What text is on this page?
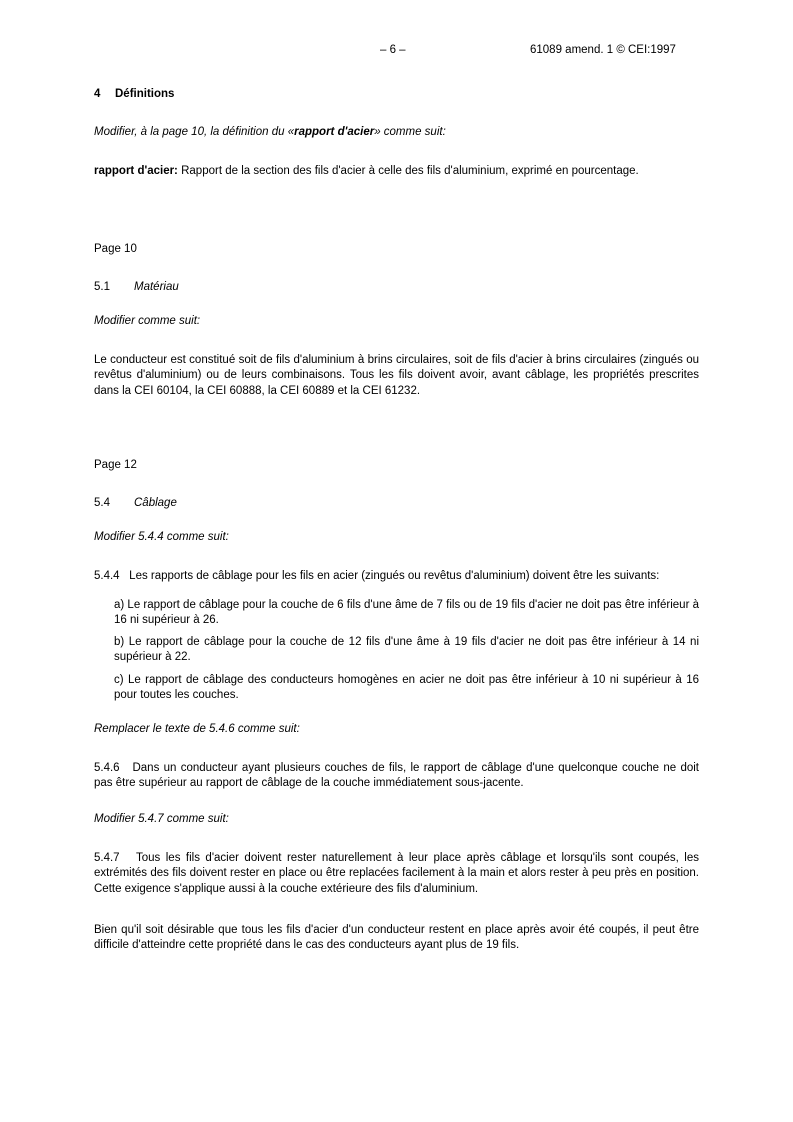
– 6 –	61089 amend. 1 © CEI:1997

4 Définitions

Modifier, à la page 10, la définition du «rapport d'acier» comme suit:

rapport d'acier: Rapport de la section des fils d'acier à celle des fils d'aluminium, exprimé en pourcentage.

Page 10

5.1 Matériau

Modifier comme suit:

Le conducteur est constitué soit de fils d'aluminium à brins circulaires, soit de fils d'acier à brins circulaires (zingués ou revêtus d'aluminium) ou de leurs combinaisons. Tous les fils doivent avoir, avant câblage, les propriétés prescrites dans la CEI 60104, la CEI 60888, la CEI 60889 et la CEI 61232.

Page 12

5.4 Câblage

Modifier 5.4.4 comme suit:

5.4.4 Les rapports de câblage pour les fils en acier (zingués ou revêtus d'aluminium) doivent être les suivants:

a) Le rapport de câblage pour la couche de 6 fils d'une âme de 7 fils ou de 19 fils d'acier ne doit pas être inférieur à 16 ni supérieur à 26.

b) Le rapport de câblage pour la couche de 12 fils d'une âme à 19 fils d'acier ne doit pas être inférieur à 14 ni supérieur à 22.

c) Le rapport de câblage des conducteurs homogènes en acier ne doit pas être inférieur à 10 ni supérieur à 16 pour toutes les couches.

Remplacer le texte de 5.4.6 comme suit:

5.4.6 Dans un conducteur ayant plusieurs couches de fils, le rapport de câblage d'une quelconque couche ne doit pas être supérieur au rapport de câblage de la couche immédiatement sous-jacente.

Modifier 5.4.7 comme suit:

5.4.7 Tous les fils d'acier doivent rester naturellement à leur place après câblage et lorsqu'ils sont coupés, les extrémités des fils doivent rester en place ou être replacées facilement à la main et alors rester à peu près en position. Cette exigence s'applique aussi à la couche extérieure des fils d'aluminium.

Bien qu'il soit désirable que tous les fils d'acier d'un conducteur restent en place après avoir été coupés, il peut être difficile d'atteindre cette propriété dans le cas des conducteurs ayant plus de 19 fils.
